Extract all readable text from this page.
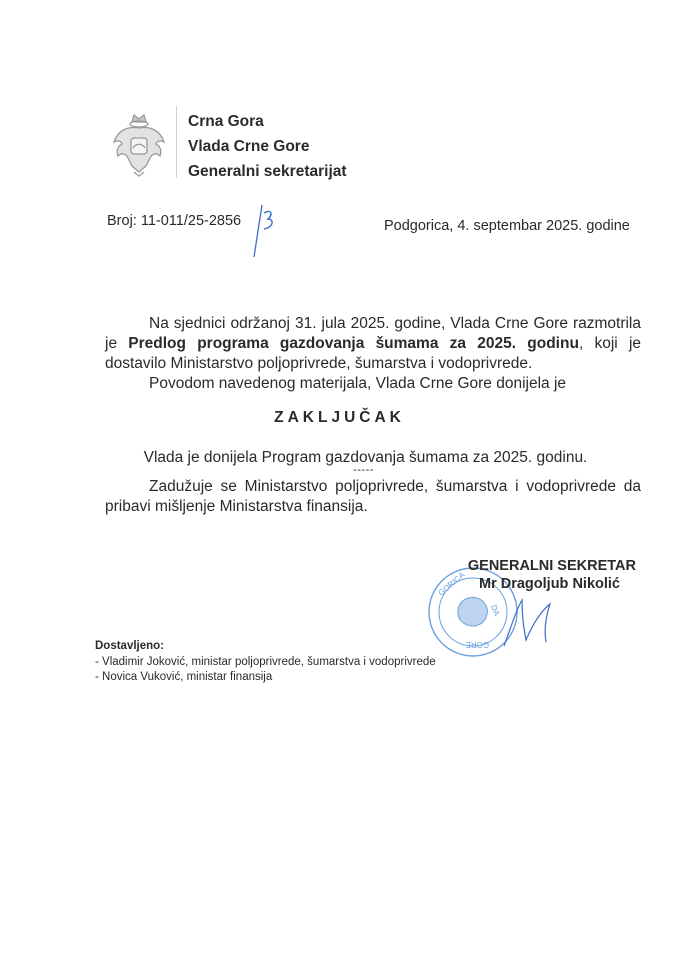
Crna Gora
Vlada Crne Gore
Generalni sekretarijat
Broj: 11-011/25-2856	Podgorica, 4. septembar 2025. godine
Na sjednici održanoj 31. jula 2025. godine, Vlada Crne Gore razmotrila je Predlog programa gazdovanja šumama za 2025. godinu, koji je dostavilo Ministarstvo poljoprivrede, šumarstva i vodoprivrede.
Povodom navedenog materijala, Vlada Crne Gore donijela je
ZAKLJUČAK
Vlada je donijela Program gazdovanja šumama za 2025. godinu.
-----
Zadužuje se Ministarstvo poljoprivrede, šumarstva i vodoprivrede da pribavi mišljenje Ministarstva finansija.
GORICA
GORE
DA
GENERALNI SEKRETAR
Mr Dragoljub Nikolić
Dostavljeno:
- Vladimir Joković, ministar poljoprivrede, šumarstva i vodoprivrede
- Novica Vuković, ministar finansija
